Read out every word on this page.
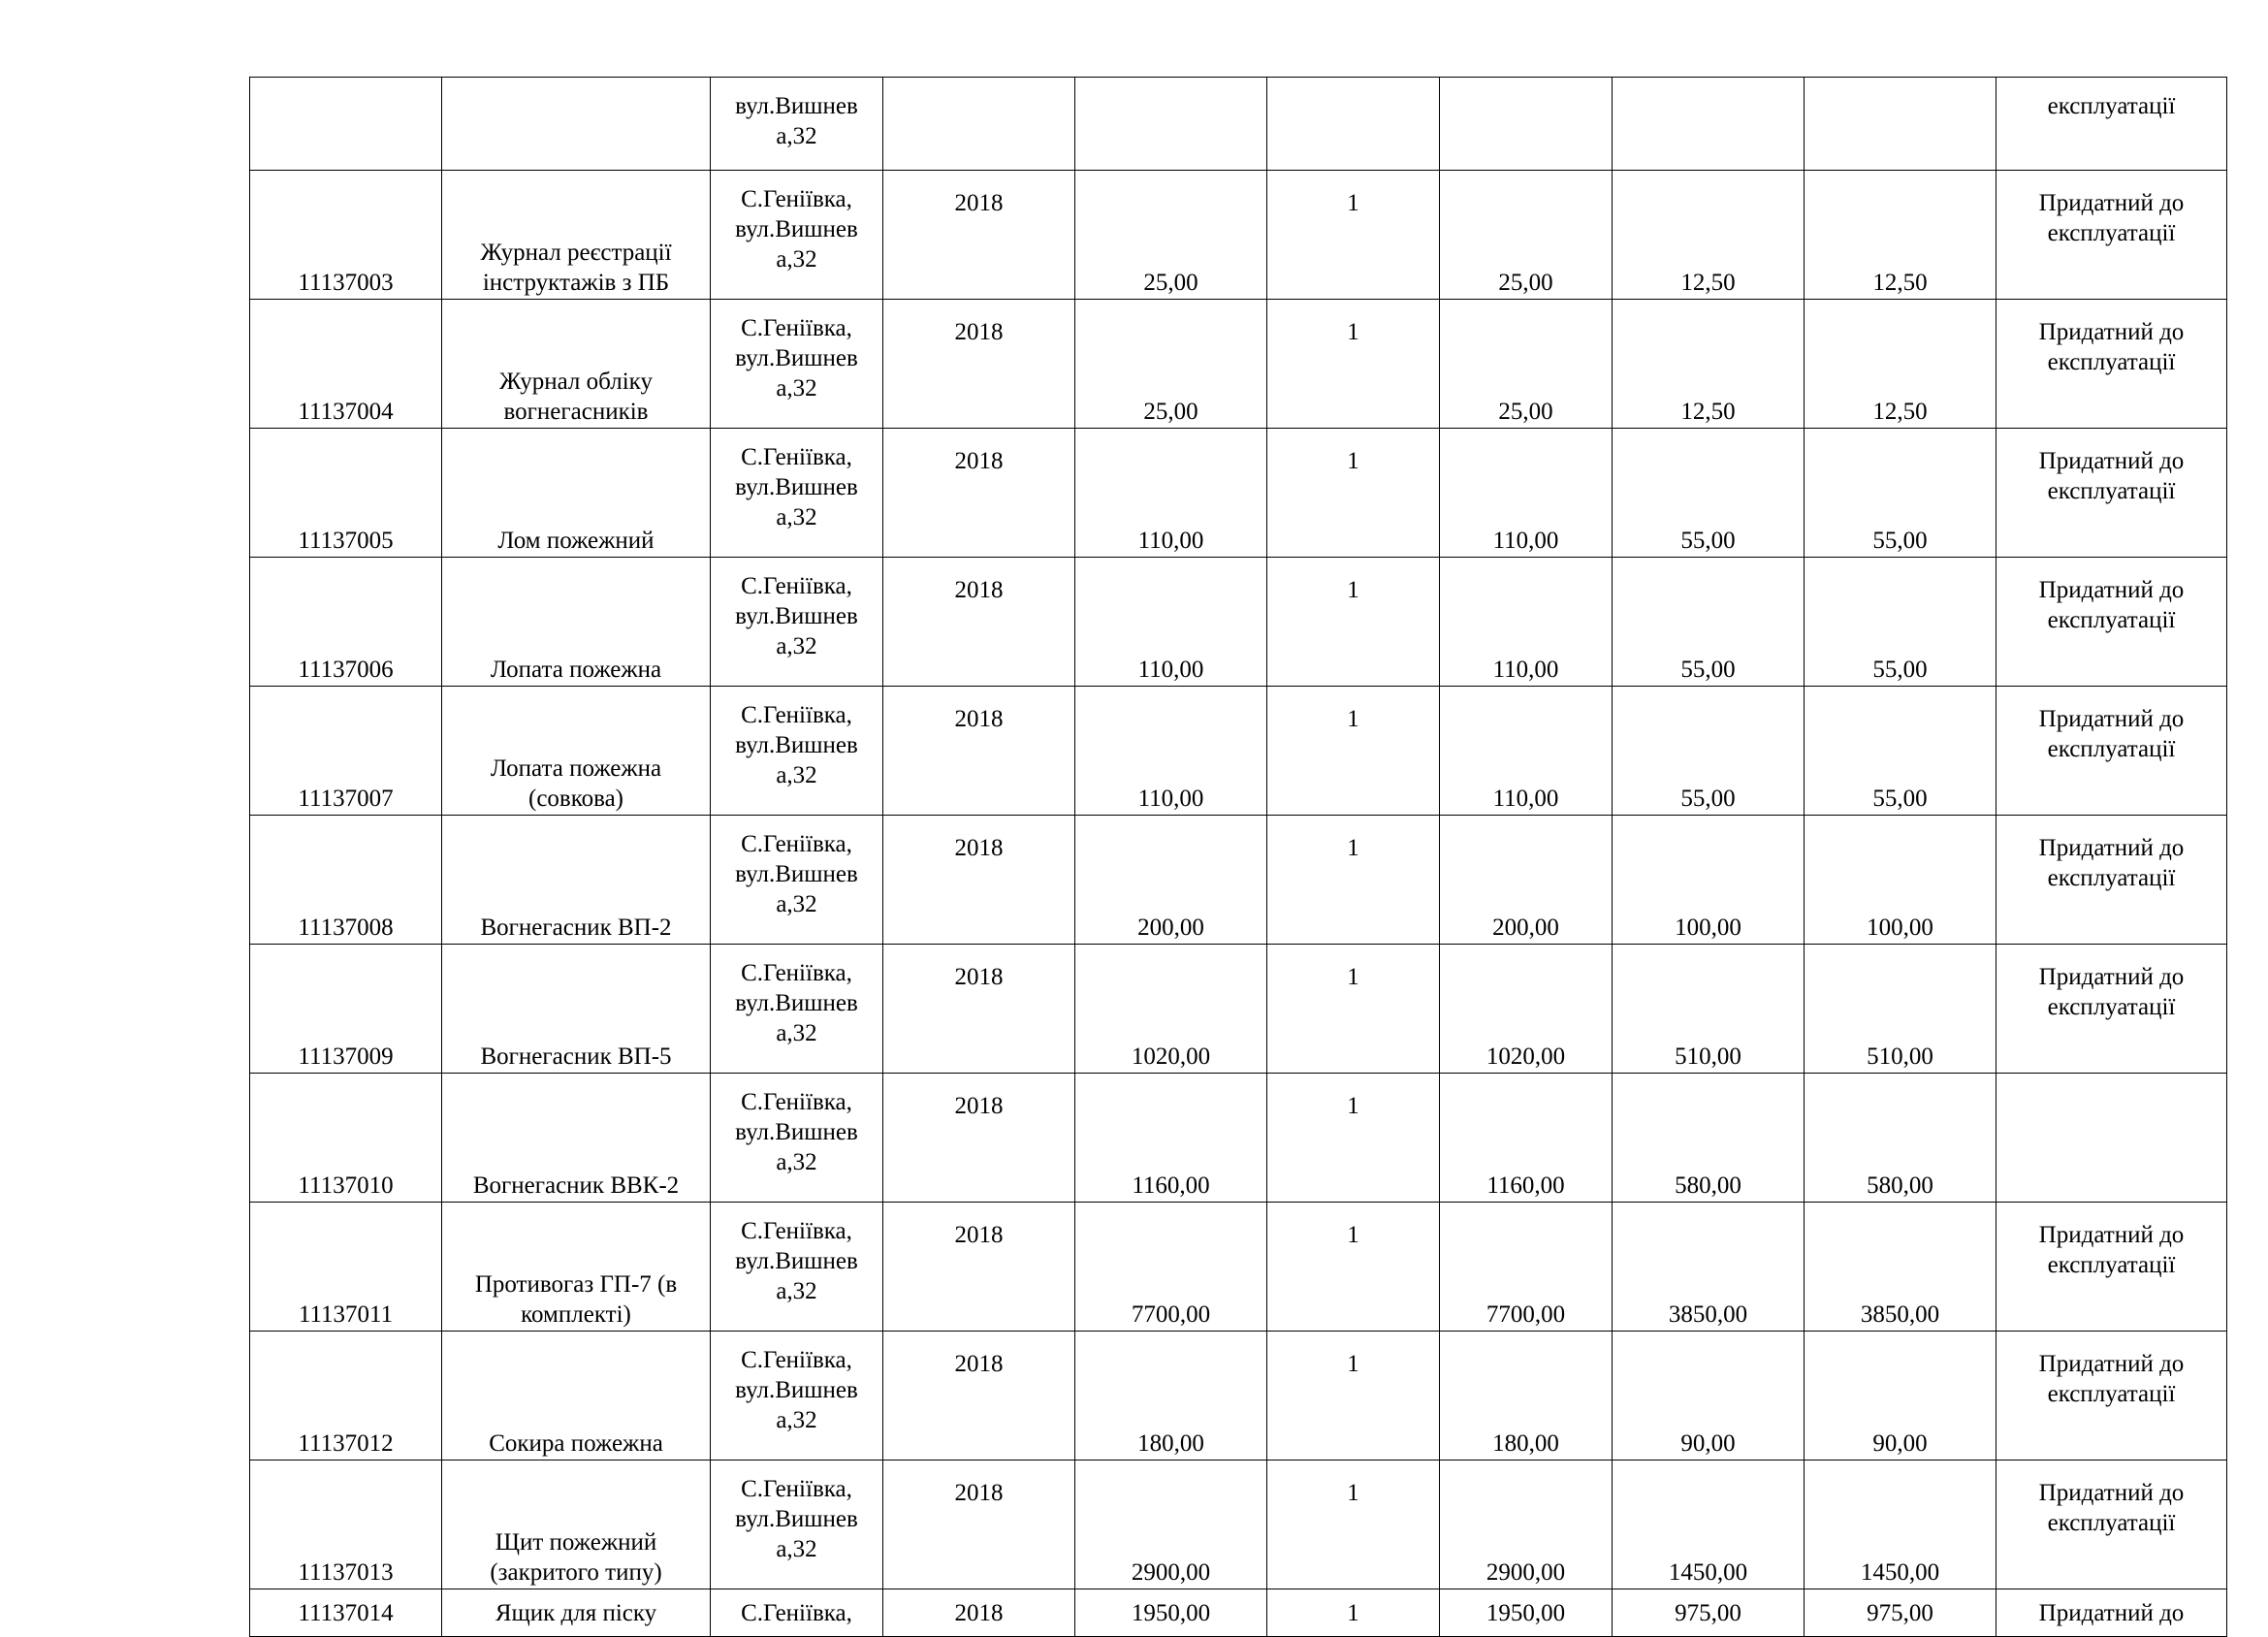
		вул.Вишнев
а,32							експлуатації
11137003	Журнал реєстрації інструктажів з ПБ	С.Геніївка,
вул.Вишнев
а,32	2018	25,00	1	25,00	12,50	12,50	Придатний до експлуатації
11137004	Журнал обліку вогнегасників	С.Геніївка,
вул.Вишнев
а,32	2018	25,00	1	25,00	12,50	12,50	Придатний до експлуатації
11137005	Лом пожежний	С.Геніївка,
вул.Вишнев
а,32	2018	110,00	1	110,00	55,00	55,00	Придатний до експлуатації
11137006	Лопата пожежна	С.Геніївка,
вул.Вишнев
а,32	2018	110,00	1	110,00	55,00	55,00	Придатний до експлуатації
11137007	Лопата пожежна (совкова)	С.Геніївка,
вул.Вишнев
а,32	2018	110,00	1	110,00	55,00	55,00	Придатний до експлуатації
11137008	Вогнегасник ВП-2	С.Геніївка,
вул.Вишнев
а,32	2018	200,00	1	200,00	100,00	100,00	Придатний до експлуатації
11137009	Вогнегасник ВП-5	С.Геніївка,
вул.Вишнев
а,32	2018	1020,00	1	1020,00	510,00	510,00	Придатний до експлуатації
11137010	Вогнегасник ВВК-2	С.Геніївка,
вул.Вишнев
а,32	2018	1160,00	1	1160,00	580,00	580,00	
11137011	Противогаз ГП-7 (в комплекті)	С.Геніївка,
вул.Вишнев
а,32	2018	7700,00	1	7700,00	3850,00	3850,00	Придатний до експлуатації
11137012	Сокира пожежна	С.Геніївка,
вул.Вишнев
а,32	2018	180,00	1	180,00	90,00	90,00	Придатний до експлуатації
11137013	Щит пожежний (закритого типу)	С.Геніївка,
вул.Вишнев
а,32	2018	2900,00	1	2900,00	1450,00	1450,00	Придатний до експлуатації
11137014	Ящик для піску	С.Геніївка,	2018	1950,00	1	1950,00	975,00	975,00	Придатний до
